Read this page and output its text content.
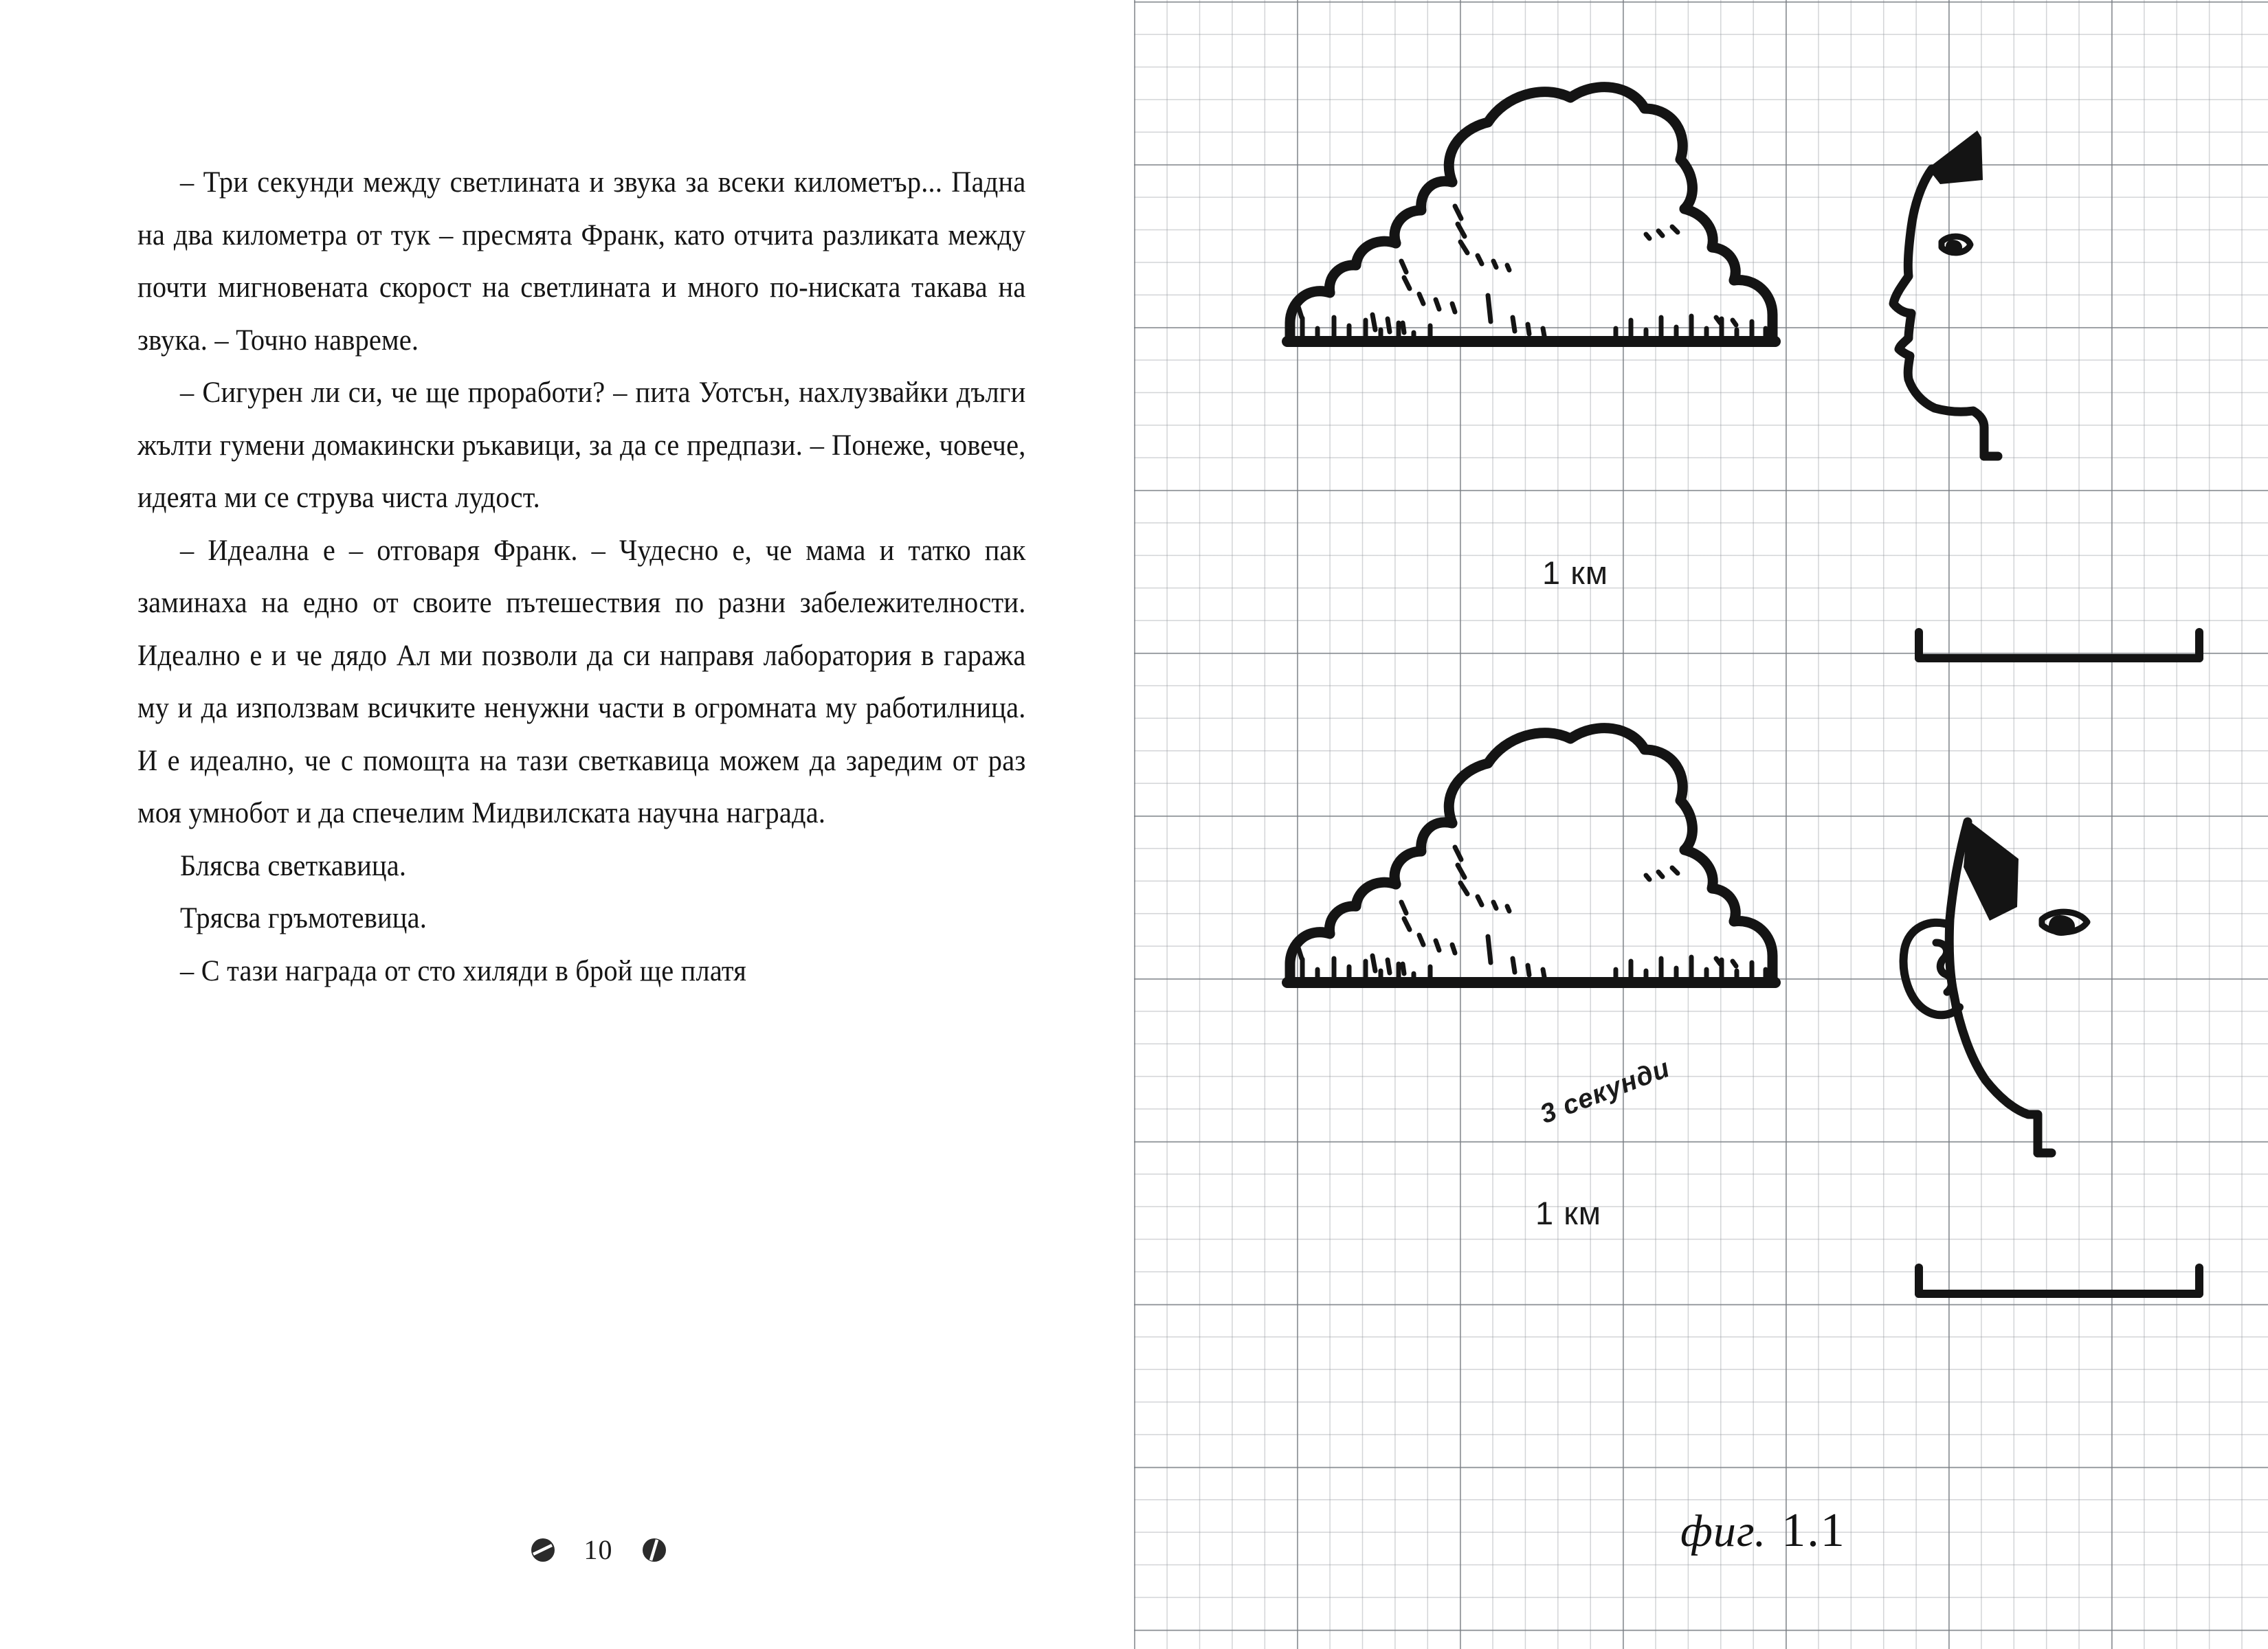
– Три секунди между светлината и звука за всеки километър... Падна на два километра от тук – пресмята Франк, като отчита разликата между почти мигновената скорост на светлината и много по-ниската такава на звука. – Точно навреме.

– Сигурен ли си, че ще проработи? – пита Уотсън, нахлузвайки дълги жълти гумени домакински ръкавици, за да се предпази. – Понеже, човече, идеята ми се струва чиста лудост.

– Идеална е – отговаря Франк. – Чудесно е, че мама и татко пак заминаха на едно от своите пътешествия по разни забележителности. Идеално е и че дядо Ал ми позволи да си направя лаборатория в гаража му и да използвам всичките ненужни части в огромната му работилница. И е идеално, че с помощта на тази светкавица можем да заредим от раз моя умнобот и да спечелим Мидвилската научна награда.

Блясва светкавица.

Трясва гръмотевица.

– С тази награда от сто хиляди в брой ще платя

10
1 км
1 км
3 секунди
фиг. 1.1
